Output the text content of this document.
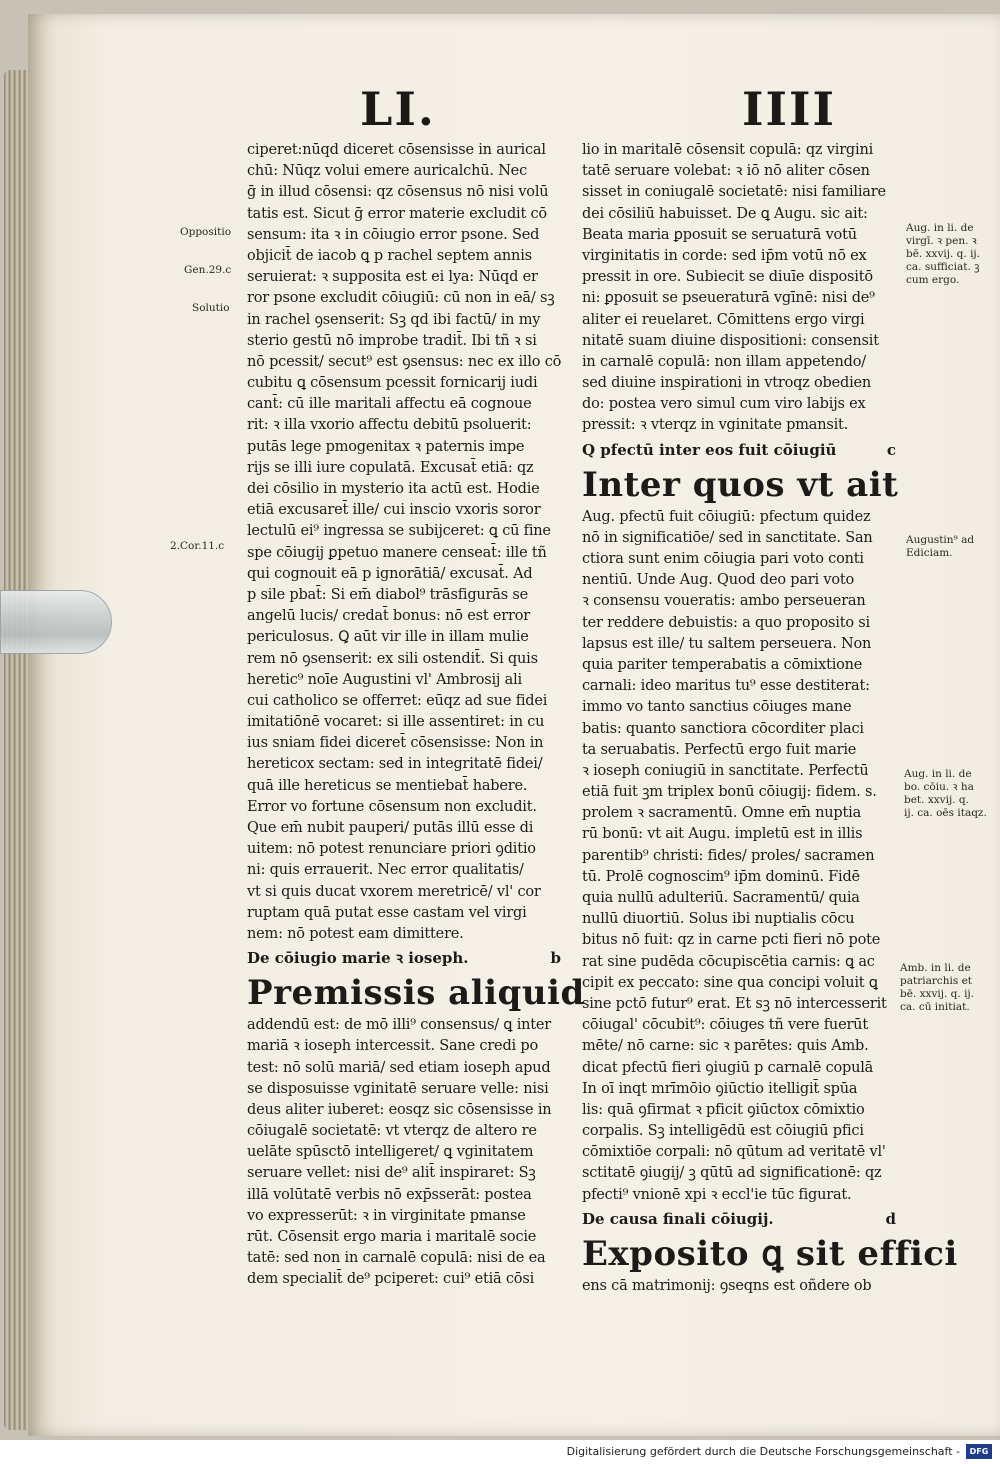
LI.	IIII

ciperet:nūqd diceret cōsensisse in aurical

chū: Nūqz volui emere auricalchū. Nec

ḡ in illud cōsensi: qz cōsensus nō nisi volū

tatis est. Sicut ḡ error materie excludit cō

sensum: ita ꝛ in cōiugio error psone. Sed

objicit̄ de iacob ꝗ p rachel septem annis

seruierat: ꝛ supposita est ei lya: Nūqd er

ror psone excludit cōiugiū: cū non in eā/ sꝫ

in rachel ꝯsenserit: Sꝫ qd ibi factū/ in my

sterio gestū nō improbe tradit̄. Ibi tñ ꝛ si

nō pcessit/ secut⁹ est ꝯsensus: nec ex illo cō

cubitu ꝗ cōsensum pcessit fornicarij iudi

cant̄: cū ille maritali affectu eā cognoue

rit: ꝛ illa vxorio affectu debitū psoluerit:

putās lege pmogenitax ꝛ paternis impe

rijs se illi iure copulatā. Excusat̄ etiā: qz

dei cōsilio in mysterio ita actū est. Hodie

etiā excusaret̄ ille/ cui inscio vxoris soror

lectulū ei⁹ ingressa se subijceret: ꝗ cū fine

spe cōiugij ꝑpetuo manere censeat̄: ille tñ

qui cognouit eā p ignorātiā/ excusat̄. Ad

p sile pbat̄: Si em̄ diabol⁹ trāsfigurās se

angelū lucis/ credat̄ bonus: nō est error

periculosus. Ꝗ aūt vir ille in illam mulie

rem nō ꝯsenserit: ex sili ostendit̄. Si quis

heretic⁹ noīe Augustini vl' Ambrosij ali

cui catholico se offerret: eūqz ad sue fidei

imitatiōnē vocaret: si ille assentiret: in cu

ius sniam fidei diceret̄ cōsensisse: Non in

hereticox sectam: sed in integritatē fidei/

quā ille hereticus se mentiebat̄ habere.

Error vo fortune cōsensum non excludit.

Que em̄ nubit pauperi/ putās illū esse di

uitem: nō potest renunciare priori ꝯditio

ni: quis errauerit. Nec error qualitatis/

vt si quis ducat vxorem meretricē/ vl' cor

ruptam quā putat esse castam vel virgi

nem: nō potest eam dimittere.

De cōiugio marie ꝛ ioseph.	b

Premissis aliquid

addendū est: de mō illi⁹ consensus/ ꝗ inter

mariā ꝛ ioseph intercessit. Sane credi po

test: nō solū mariā/ sed etiam ioseph apud

se disposuisse vginitatē seruare velle: nisi

deus aliter iuberet: eosqz sic cōsensisse in

cōiugalē societatē: vt vterqz de altero re

uelāte spūsctō intelligeret/ ꝗ vginitatem

seruare vellet: nisi de⁹ alit̄ inspiraret: Sꝫ

illā volūtatē verbis nō exp̄sserāt: postea

vo expresserūt: ꝛ in virginitate pmanse

rūt. Cōsensit ergo maria i maritalē socie

tatē: sed non in carnalē copulā: nisi de ea

dem specialit̄ de⁹ pciperet: cui⁹ etiā cōsi

lio in maritalē cōsensit copulā: qz virgini

tatē seruare volebat: ꝛ iō nō aliter cōsen

sisset in coniugalē societatē: nisi familiare

dei cōsiliū habuisset. De ꝗ Augu. sic ait:

Beata maria ꝑposuit se seruaturā votū

virginitatis in corde: sed ip̄m votū nō ex

pressit in ore. Subiecit se diuīe dispositō

ni: ꝑposuit se pseueraturā vgīnē: nisi de⁹

aliter ei reuelaret. Cōmittens ergo virgi

nitatē suam diuine dispositioni: consensit

in carnalē copulā: non illam appetendo/

sed diuine inspirationi in vtroqz obedien

do: postea vero simul cum viro labijs ex

pressit: ꝛ vterqz in vginitate pmansit.

Q pfectū inter eos fuit cōiugiū	c

Inter quos vt ait

Aug. pfectū fuit cōiugiū: pfectum quidez

nō in significatiōe/ sed in sanctitate. San

ctiora sunt enim cōiugia pari voto conti

nentiū. Unde Aug. Quod deo pari voto

ꝛ consensu voueratis: ambo perseueran

ter reddere debuistis: a quo proposito si

lapsus est ille/ tu saltem perseuera. Non

quia pariter temperabatis a cōmixtione

carnali: ideo maritus tu⁹ esse destiterat:

immo vo tanto sanctius cōiuges mane

batis: quanto sanctiora cōcorditer placi

ta seruabatis. Perfectū ergo fuit marie

ꝛ ioseph coniugiū in sanctitate. Perfectū

etiā fuit ꝫm triplex bonū cōiugij: fidem. s.

prolem ꝛ sacramentū. Omne em̄ nuptia

rū bonū: vt ait Augu. impletū est in illis

parentib⁹ christi: fides/ proles/ sacramen

tū. Prolē cognoscim⁹ ip̄m dominū. Fidē

quia nullū adulteriū. Sacramentū/ quia

nullū diuortiū. Solus ibi nuptialis cōcu

bitus nō fuit: qz in carne pcti fieri nō pote

rat sine pudēda cōcupiscētia carnis: ꝗ ac

cipit ex peccato: sine qua concipi voluit ꝗ

sine pctō futur⁹ erat. Et sꝫ nō intercesserit

cōiugal' cōcubit⁹: cōiuges tñ vere fuerūt

mēte/ nō carne: sic ꝛ parētes: quis Amb.

dicat pfectū fieri ꝯiugiū p carnalē copulā

In oī inqt mrīmōio ꝯiūctio itelligit̄ spūa

lis: quā ꝯfirmat ꝛ pficit ꝯiūctox cōmixtio

corpalis. Sꝫ intelligēdū est cōiugiū pfici

cōmixtiōe corpali: nō qūtum ad veritatē vl'

sctitatē ꝯiugij/ ꝫ qūtū ad significationē: qz

pfecti⁹ vnionē xpi ꝛ eccl'ie tūc figurat.

De causa finali cōiugij.	d

Exposito ꝗ sit effici

ens cā matrimonij: ꝯseqns est oñdere ob

Oppositio

Gen.29.c

Solutio

2.Cor.11.c

Aug. in li. de
virgī. ꝛ pen. ꝛ
bē. xxvij. q. ij.
ca. sufficiat. ꝫ
cum ergo.
Augustin⁹ ad
Ediciam.
Aug. in li. de
bo. cōiu. ꝛ ha
bet. xxvij. q.
ij. ca. oēs itaqz.
Amb. in li. de
patriarchis et
bē. xxvij. q. ij.
ca. cū initiat.
Digitalisierung gefördert durch die Deutsche Forschungsgemeinschaft -	DFG
